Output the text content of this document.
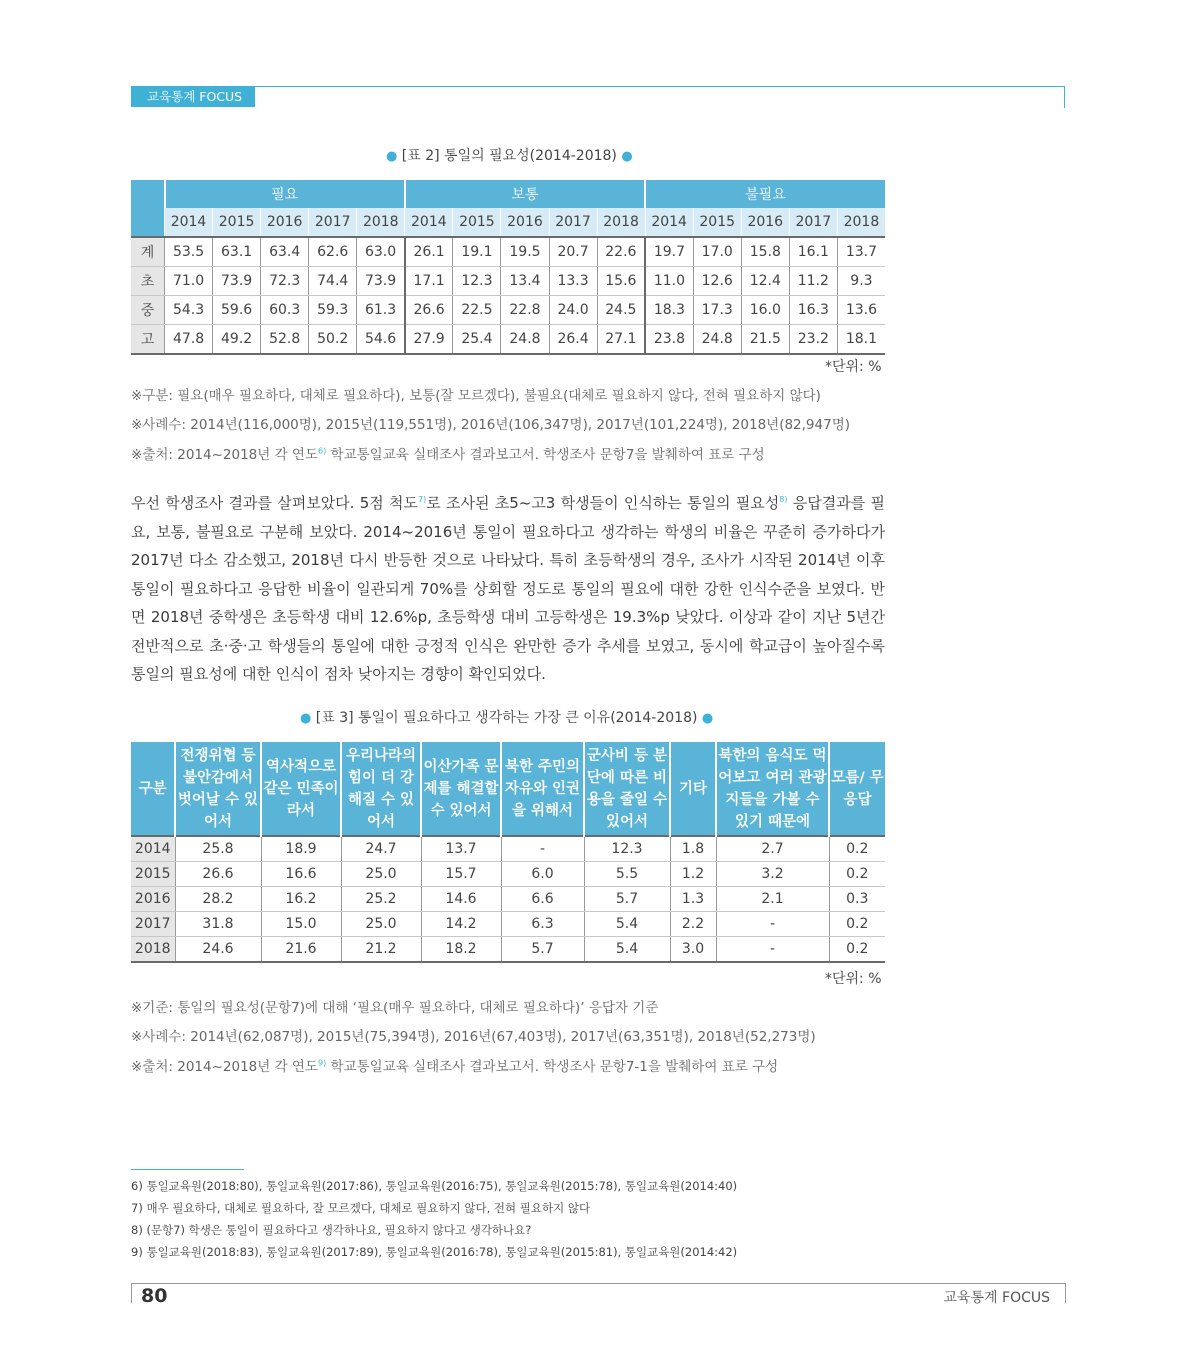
교육통계 FOCUS
● [표 2] 통일의 필요성(2014-2018) ●
	필요					보통					불필요				
	2014	2015	2016	2017	2018	2014	2015	2016	2017	2018	2014	2015	2016	2017	2018
계	53.5	63.1	63.4	62.6	63.0	26.1	19.1	19.5	20.7	22.6	19.7	17.0	15.8	16.1	13.7
초	71.0	73.9	72.3	74.4	73.9	17.1	12.3	13.4	13.3	15.6	11.0	12.6	12.4	11.2	9.3
중	54.3	59.6	60.3	59.3	61.3	26.6	22.5	22.8	24.0	24.5	18.3	17.3	16.0	16.3	13.6
고	47.8	49.2	52.8	50.2	54.6	27.9	25.4	24.8	26.4	27.1	23.8	24.8	21.5	23.2	18.1
*단위: %
※구분: 필요(매우 필요하다, 대체로 필요하다), 보통(잘 모르겠다), 불필요(대체로 필요하지 않다, 전혀 필요하지 않다)
※사례수: 2014년(116,000명), 2015년(119,551명), 2016년(106,347명), 2017년(101,224명), 2018년(82,947명)
※출처: 2014~2018년 각 연도$^{6)}$ 학교통일교육 실태조사 결과보고서. 학생조사 문항7을 발췌하여 표로 구성
우선 학생조사 결과를 살펴보았다. 5점 척도$^{7)}$로 조사된 초5~고3 학생들이 인식하는 통일의 필요성$^{8)}$ 응답결과를 필요, 보통, 불필요로 구분해 보았다. 2014~2016년 통일이 필요하다고 생각하는 학생의 비율은 꾸준히 증가하다가 2017년 다소 감소했고, 2018년 다시 반등한 것으로 나타났다. 특히 초등학생의 경우, 조사가 시작된 2014년 이후 통일이 필요하다고 응답한 비율이 일관되게 70%를 상회할 정도로 통일의 필요에 대한 강한 인식수준을 보였다. 반면 2018년 중학생은 초등학생 대비 12.6%p, 초등학생 대비 고등학생은 19.3%p 낮았다. 이상과 같이 지난 5년간 전반적으로 초·중·고 학생들의 통일에 대한 긍정적 인식은 완만한 증가 추세를 보였고, 동시에 학교급이 높아질수록 통일의 필요성에 대한 인식이 점차 낮아지는 경향이 확인되었다.
● [표 3] 통일이 필요하다고 생각하는 가장 큰 이유(2014-2018) ●
구분	전쟁위협 등 불안감에서 벗어날 수 있어서	역사적으로 같은 민족이라서	우리나라의 힘이 더 강해질 수 있어서	이산가족 문제를 해결할 수 있어서	북한 주민의 자유와 인권을 위해서	군사비 등 분단에 따른 비용을 줄일 수 있어서	기타	북한의 음식도 먹어보고 여러 관광지들을 가볼 수 있기 때문에	모름/ 무응답
2014	25.8	18.9	24.7	13.7	-	12.3	1.8	2.7	0.2
2015	26.6	16.6	25.0	15.7	6.0	5.5	1.2	3.2	0.2
2016	28.2	16.2	25.2	14.6	6.6	5.7	1.3	2.1	0.3
2017	31.8	15.0	25.0	14.2	6.3	5.4	2.2	-	0.2
2018	24.6	21.6	21.2	18.2	5.7	5.4	3.0	-	0.2
*단위: %
※기준: 통일의 필요성(문항7)에 대해 ‘필요(매우 필요하다, 대체로 필요하다)’ 응답자 기준
※사례수: 2014년(62,087명), 2015년(75,394명), 2016년(67,403명), 2017년(63,351명), 2018년(52,273명)
※출처: 2014~2018년 각 연도$^{9)}$ 학교통일교육 실태조사 결과보고서. 학생조사 문항7-1을 발췌하여 표로 구성
6) 통일교육원(2018:80), 통일교육원(2017:86), 통일교육원(2016:75), 통일교육원(2015:78), 통일교육원(2014:40)
7) 매우 필요하다, 대체로 필요하다, 잘 모르겠다, 대체로 필요하지 않다, 전혀 필요하지 않다
8) (문항7) 학생은 통일이 필요하다고 생각하나요, 필요하지 않다고 생각하나요?
9) 통일교육원(2018:83), 통일교육원(2017:89), 통일교육원(2016:78), 통일교육원(2015:81), 통일교육원(2014:42)
80	교육통계 FOCUS
